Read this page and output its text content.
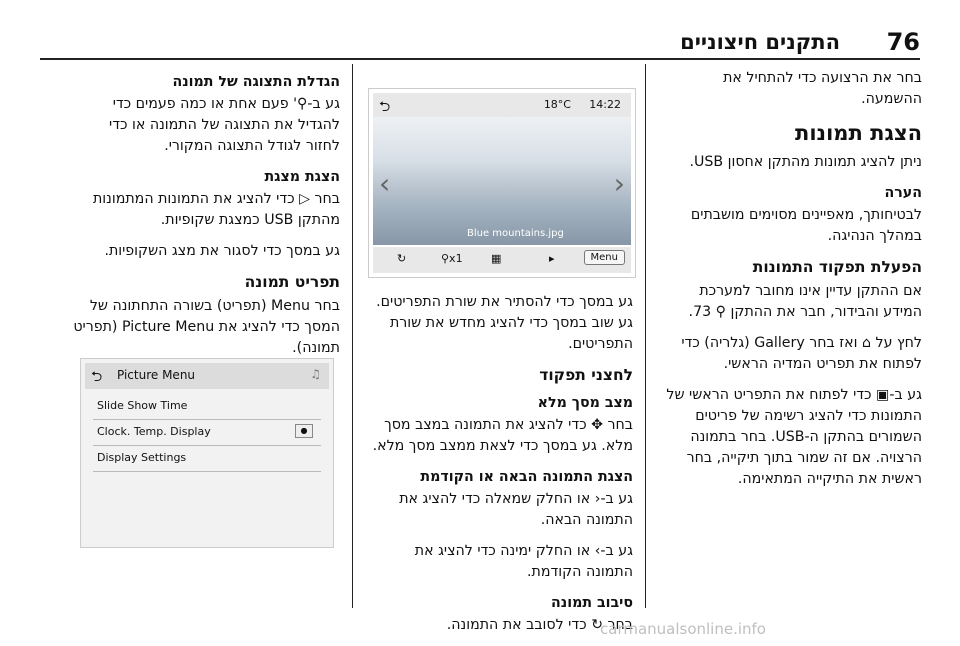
76
התקנים חיצוניים

בחר את הרצועה כדי להתחיל את ההשמעה.

הצגת תמונות

ניתן להציג תמונות מהתקן אחסון USB.

הערה

לבטיחותך, מאפיינים מסוימים מושבתים במהלך הנהיגה.

הפעלת תפקוד התמונות

אם ההתקן עדיין אינו מחובר למערכת המידע והבידור, חבר את ההתקן ⚲ 73.

לחץ על ⌂ ואז בחר Gallery (גלריה) כדי לפתוח את תפריט המדיה הראשי.

גע ב-▣ כדי לפתוח את התפריט הראשי של התמונות כדי להציג רשימה של פריטים השמורים בהתקן ה-USB. בחר בתמונה הרצויה. אם זה שמור בתוך תיקייה, בחר ראשית את התיקייה המתאימה.

⮌	18°C 14:22
‹	›
Blue mountains.jpg
↻	⚲x1	▦	▸	Menu

גע במסך כדי להסתיר את שורת התפריטים. גע שוב במסך כדי להציג מחדש את שורת התפריטים.

לחצני תפקוד
מצב מסך מלא

בחר ✥ כדי להציג את התמונה במצב מסך מלא. גע במסך כדי לצאת ממצב מסך מלא.

הצגת התמונה הבאה או הקודמת

גע ב-‹ או החלק שמאלה כדי להציג את התמונה הבאה.

גע ב-› או החלק ימינה כדי להציג את התמונה הקודמת.

סיבוב תמונה

בחר ↻ כדי לסובב את התמונה.

הגדלת התצוגה של תמונה

גע ב-⚲' פעם אחת או כמה פעמים כדי להגדיל את התצוגה של התמונה או כדי לחזור לגודל התצוגה המקורי.

הצגת מצגת

בחר ▷ כדי להציג את התמונות המתמונות מהתקן USB כמצגת שקופיות.

גע במסך כדי לסגור את מצג השקופיות.

תפריט תמונה

בחר Menu (תפריט) בשורה התחתונה של המסך כדי להציג את Picture Menu (תפריט תמונה).

⮌ Picture Menu	♫
Slide Show Time
Clock. Temp. Display	●
Display Settings
carmanualsonline.info
